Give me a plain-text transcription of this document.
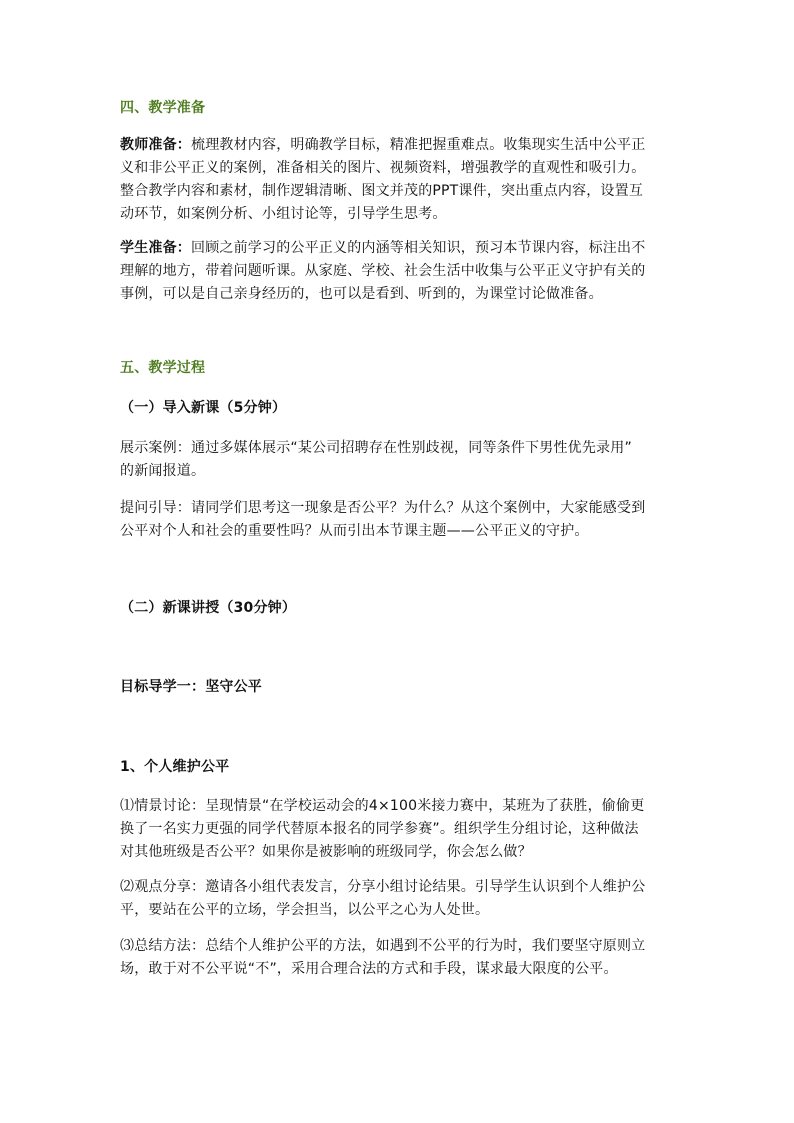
四、教学准备
教师准备：梳理教材内容，明确教学目标，精准把握重难点。收集现实生活中公平正
义和非公平正义的案例，准备相关的图片、视频资料，增强教学的直观性和吸引力。
整合教学内容和素材，制作逻辑清晰、图文并茂的PPT课件，突出重点内容，设置互
动环节，如案例分析、小组讨论等，引导学生思考。
学生准备：回顾之前学习的公平正义的内涵等相关知识，预习本节课内容，标注出不
理解的地方，带着问题听课。从家庭、学校、社会生活中收集与公平正义守护有关的
事例，可以是自己亲身经历的，也可以是看到、听到的，为课堂讨论做准备。
五、教学过程
（一）导入新课（5分钟）
展示案例：通过多媒体展示“某公司招聘存在性别歧视，同等条件下男性优先录用”
的新闻报道。
提问引导：请同学们思考这一现象是否公平？为什么？从这个案例中，大家能感受到
公平对个人和社会的重要性吗？从而引出本节课主题——公平正义的守护。
（二）新课讲授（30分钟）
目标导学一：坚守公平
1、个人维护公平
⑴情景讨论：呈现情景“在学校运动会的4×100米接力赛中，某班为了获胜，偷偷更
换了一名实力更强的同学代替原本报名的同学参赛”。组织学生分组讨论，这种做法
对其他班级是否公平？如果你是被影响的班级同学，你会怎么做？
⑵观点分享：邀请各小组代表发言，分享小组讨论结果。引导学生认识到个人维护公
平，要站在公平的立场，学会担当，以公平之心为人处世。
⑶总结方法：总结个人维护公平的方法，如遇到不公平的行为时，我们要坚守原则立
场，敢于对不公平说“不”，采用合理合法的方式和手段，谋求最大限度的公平。
